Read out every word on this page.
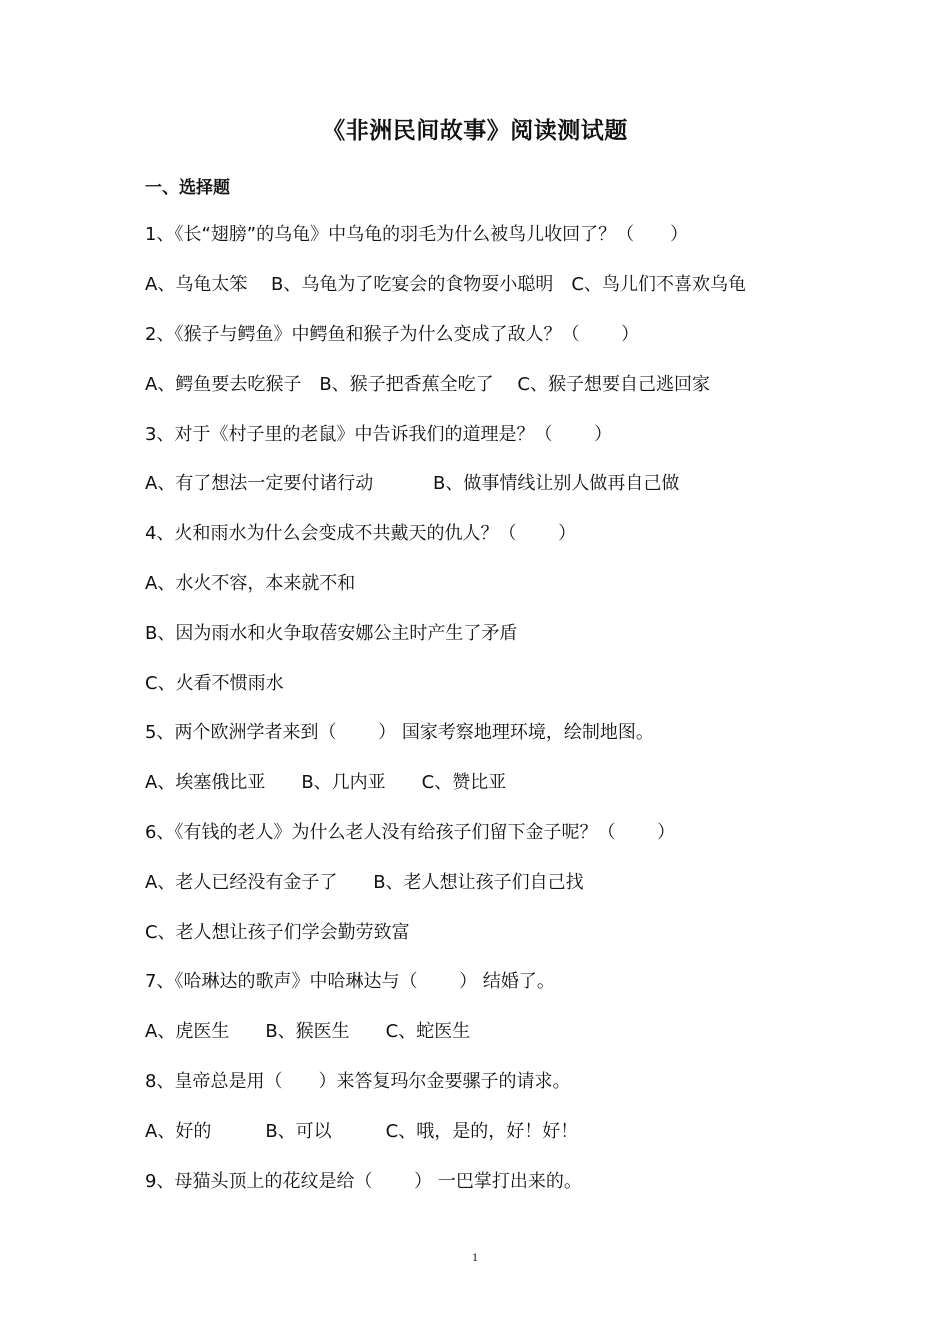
《非洲民间故事》阅读测试题
一、选择题
1、《长“翅膀”的乌龟》中乌龟的羽毛为什么被鸟儿收回了？（　　）
A、乌龟太笨　 B、乌龟为了吃宴会的食物耍小聪明　C、鸟儿们不喜欢乌龟
2、《猴子与鳄鱼》中鳄鱼和猴子为什么变成了敌人？（　　 ）
A、鳄鱼要去吃猴子　B、猴子把香蕉全吃了　 C、猴子想要自己逃回家
3、对于《村子里的老鼠》中告诉我们的道理是？（　　 ）
A、有了想法一定要付诸行动　　 　B、做事情线让别人做再自己做
4、火和雨水为什么会变成不共戴天的仇人？（　　 ）
A、水火不容，本来就不和
B、因为雨水和火争取蓓安娜公主时产生了矛盾
C、火看不惯雨水
5、两个欧洲学者来到（　　 ） 国家考察地理环境，绘制地图。
A、埃塞俄比亚　　B、几内亚　　C、赞比亚
6、《有钱的老人》为什么老人没有给孩子们留下金子呢？（　　 ）
A、老人已经没有金子了　　B、老人想让孩子们自己找
C、老人想让孩子们学会勤劳致富
7、《哈琳达的歌声》中哈琳达与（　　 ） 结婚了。
A、虎医生　　B、猴医生　　C、蛇医生
8、皇帝总是用（　　）来答复玛尔金要骡子的请求。
A、好的　　　B、可以　　　C、哦，是的，好！好！
9、母猫头顶上的花纹是给（　　 ） 一巴掌打出来的。
1
